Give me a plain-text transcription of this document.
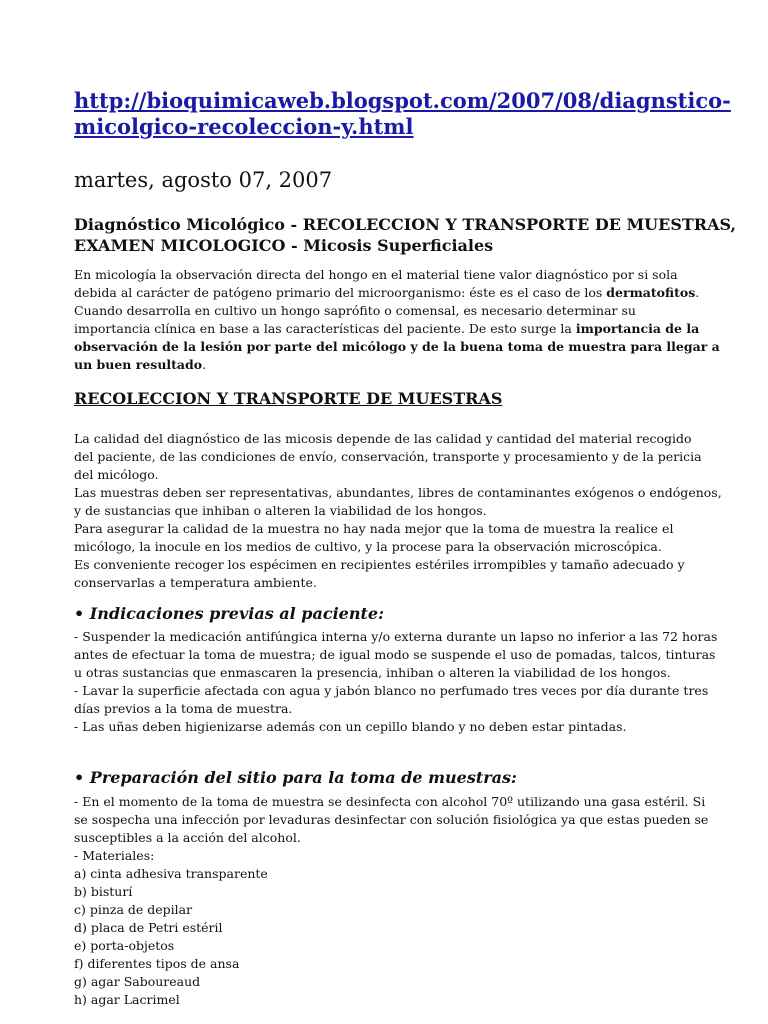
http://bioquimicaweb.blogspot.com/2007/08/diagnstico-
micolgico-recoleccion-y.html
martes, agosto 07, 2007
Diagnóstico Micológico - RECOLECCION Y TRANSPORTE DE MUESTRAS,
EXAMEN MICOLOGICO - Micosis Superficiales
En micología la observación directa del hongo en el material tiene valor diagnóstico por si sola
debida al carácter de patógeno primario del microorganismo: éste es el caso de los dermatofitos.
Cuando desarrolla en cultivo un hongo saprófito o comensal, es necesario determinar su
importancia clínica en base a las características del paciente. De esto surge la importancia de la
observación de la lesión por parte del micólogo y de la buena toma de muestra para llegar a
un buen resultado.
RECOLECCION Y TRANSPORTE DE MUESTRAS
La calidad del diagnóstico de las micosis depende de las calidad y cantidad del material recogido
del paciente, de las condiciones de envío, conservación, transporte y procesamiento y de la pericia
del micólogo.
Las muestras deben ser representativas, abundantes, libres de contaminantes exógenos o endógenos,
y de sustancias que inhiban o alteren la viabilidad de los hongos.
Para asegurar la calidad de la muestra no hay nada mejor que la toma de muestra la realice el
micólogo, la inocule en los medios de cultivo, y la procese para la observación microscópica.
Es conveniente recoger los espécimen en recipientes estériles irrompibles y tamaño adecuado y
conservarlas a temperatura ambiente.
• Indicaciones previas al paciente:
- Suspender la medicación antifúngica interna y/o externa durante un lapso no inferior a las 72 horas
antes de efectuar la toma de muestra; de igual modo se suspende el uso de pomadas, talcos, tinturas
u otras sustancias que enmascaren la presencia, inhiban o alteren la viabilidad de los hongos.
- Lavar la superficie afectada con agua y jabón blanco no perfumado tres veces por día durante tres
días previos a la toma de muestra.
- Las uñas deben higienizarse además con un cepillo blando y no deben estar pintadas.
• Preparación del sitio para la toma de muestras:
- En el momento de la toma de muestra se desinfecta con alcohol 70º utilizando una gasa estéril. Si
se sospecha una infección por levaduras desinfectar con solución fisiológica ya que estas pueden se
susceptibles a la acción del alcohol.
- Materiales:
a) cinta adhesiva transparente
b) bisturí
c) pinza de depilar
d) placa de Petri estéril
e) porta-objetos
f) diferentes tipos de ansa
g) agar Saboureaud
h) agar Lacrimel
